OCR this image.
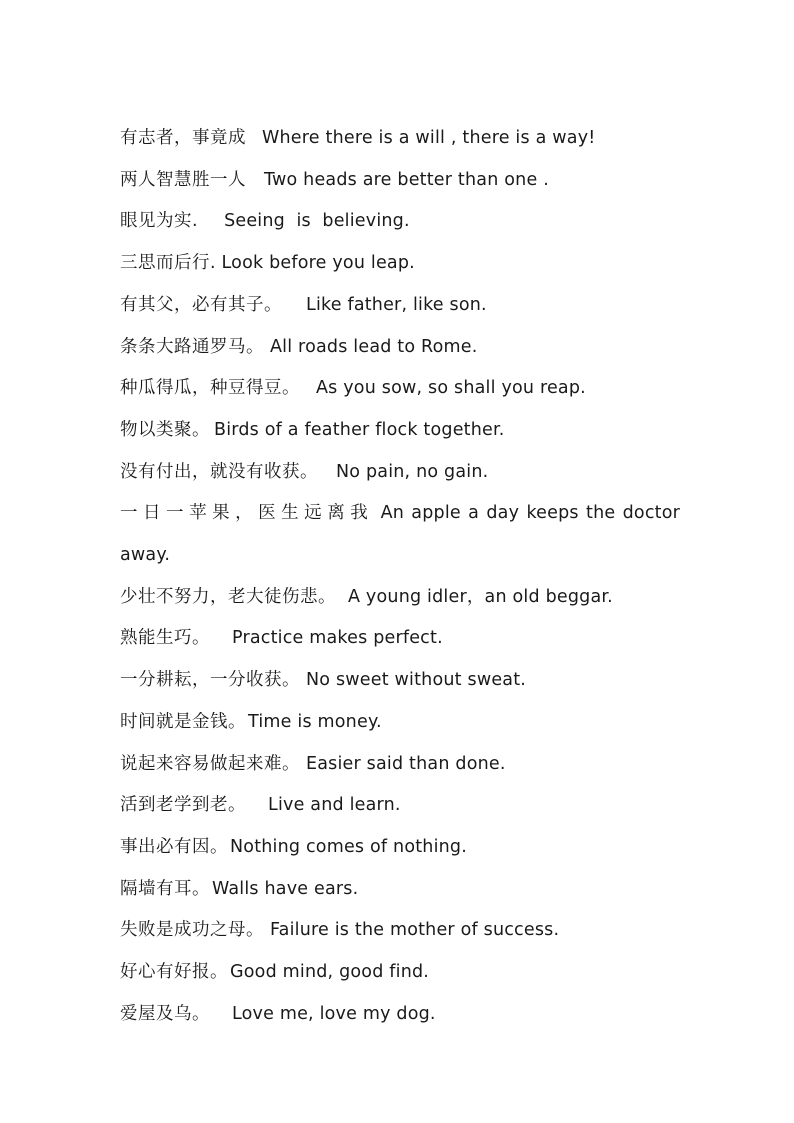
有志者，事竟成 Where there is a will , there is a way!
两人智慧胜一人 Two heads are better than one .
眼见为实. Seeing  is  believing.
三思而后行. Look before you leap.
有其父，必有其子。 Like father, like son.
条条大路通罗马。 All roads lead to Rome.
种瓜得瓜，种豆得豆。 As you sow, so shall you reap.
物以类聚。 Birds of a feather flock together.
没有付出，就没有收获。 No pain, no gain.
一日一苹果，医生远离我 An apple a day keeps the doctor away.
少壮不努力，老大徒伤悲。 A young idler，an old beggar.
熟能生巧。 Practice makes perfect.
一分耕耘，一分收获。 No sweet without sweat.
时间就是金钱。 Time is money.
说起来容易做起来难。 Easier said than done.
活到老学到老。 Live and learn.
事出必有因。 Nothing comes of nothing.
隔墙有耳。 Walls have ears.
失败是成功之母。 Failure is the mother of success.
好心有好报。 Good mind, good find.
爱屋及乌。 Love me, love my dog.
